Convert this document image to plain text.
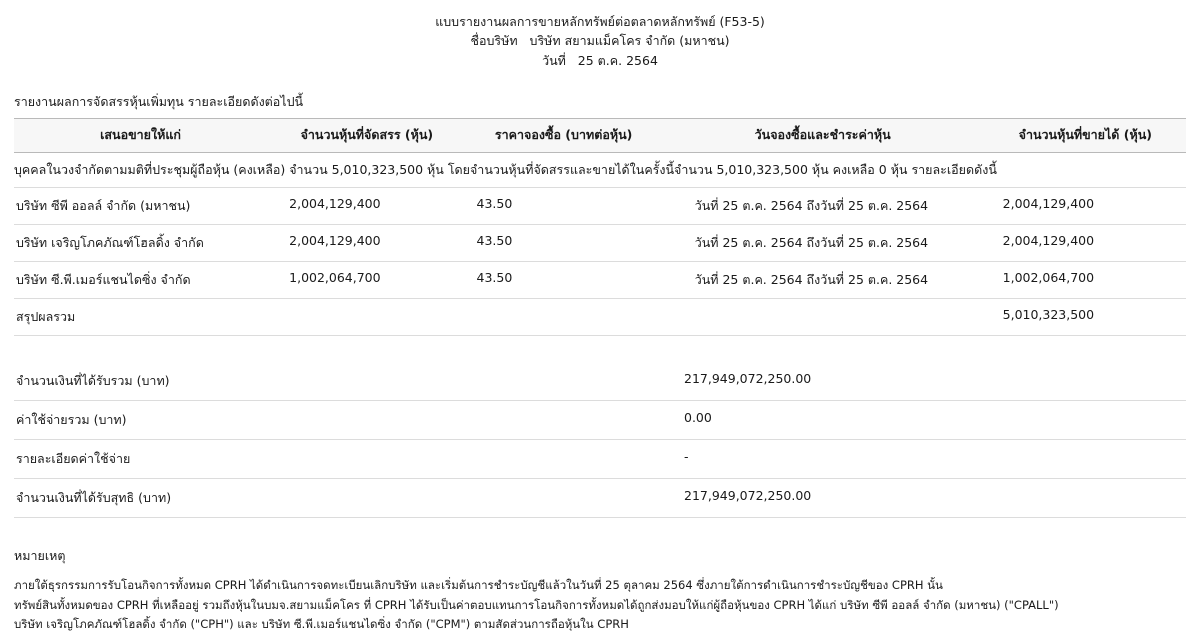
แบบรายงานผลการขายหลักทรัพย์ต่อตลาดหลักทรัพย์ (F53-5)
ชื่อบริษัท   บริษัท สยามแม็คโคร จำกัด (มหาชน)
วันที่   25 ต.ค. 2564
รายงานผลการจัดสรรหุ้นเพิ่มทุน รายละเอียดดังต่อไปนี้
เสนอขายให้แก่	จำนวนหุ้นที่จัดสรร (หุ้น)	ราคาจองซื้อ (บาทต่อหุ้น)	วันจองซื้อและชำระค่าหุ้น	จำนวนหุ้นที่ขายได้ (หุ้น)
บุคคลในวงจำกัดตามมติที่ประชุมผู้ถือหุ้น (คงเหลือ) จำนวน 5,010,323,500 หุ้น โดยจำนวนหุ้นที่จัดสรรและขายได้ในครั้งนี้จำนวน 5,010,323,500 หุ้น คงเหลือ 0 หุ้น รายละเอียดดังนี้				
บริษัท ซีพี ออลล์ จำกัด (มหาชน)	2,004,129,400	43.50	วันที่ 25 ต.ค. 2564 ถึงวันที่ 25 ต.ค. 2564	2,004,129,400
บริษัท เจริญโภคภัณฑ์โฮลดิ้ง จำกัด	2,004,129,400	43.50	วันที่ 25 ต.ค. 2564 ถึงวันที่ 25 ต.ค. 2564	2,004,129,400
บริษัท ซี.พี.เมอร์แชนไดซิ่ง จำกัด	1,002,064,700	43.50	วันที่ 25 ต.ค. 2564 ถึงวันที่ 25 ต.ค. 2564	1,002,064,700
สรุปผลรวม				5,010,323,500
จำนวนเงินที่ได้รับรวม (บาท)	217,949,072,250.00
ค่าใช้จ่ายรวม (บาท)	0.00
รายละเอียดค่าใช้จ่าย	-
จำนวนเงินที่ได้รับสุทธิ (บาท)	217,949,072,250.00
หมายเหตุ
ภายใต้ธุรกรรมการรับโอนกิจการทั้งหมด CPRH ได้ดำเนินการจดทะเบียนเลิกบริษัท และเริ่มต้นการชำระบัญชีแล้วในวันที่ 25 ตุลาคม 2564 ซึ่งภายใต้การดำเนินการชำระบัญชีของ CPRH นั้น
ทรัพย์สินทั้งหมดของ CPRH ที่เหลืออยู่ รวมถึงหุ้นในบมจ.สยามแม็คโคร ที่ CPRH ได้รับเป็นค่าตอบแทนการโอนกิจการทั้งหมดได้ถูกส่งมอบให้แก่ผู้ถือหุ้นของ CPRH ได้แก่ บริษัท ซีพี ออลล์ จำกัด (มหาชน) ("CPALL")
บริษัท เจริญโภคภัณฑ์โฮลดิ้ง จำกัด ("CPH") และ บริษัท ซี.พี.เมอร์แชนไดซิ่ง จำกัด ("CPM") ตามสัดส่วนการถือหุ้นใน CPRH
